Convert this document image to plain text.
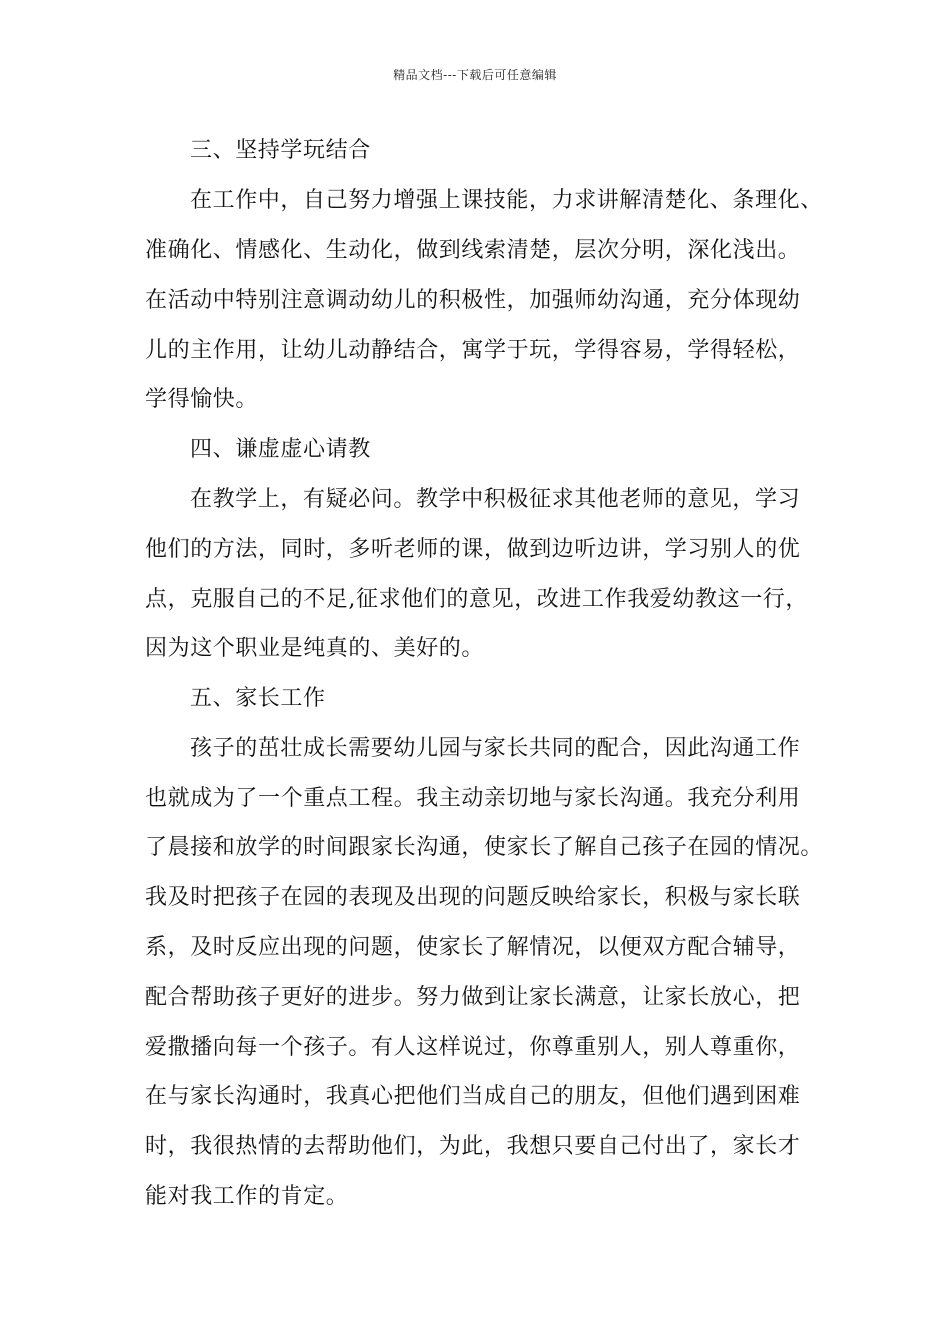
精品文档---下载后可任意编辑
三、坚持学玩结合
在工作中，自己努力增强上课技能，力求讲解清楚化、条理化、
准确化、情感化、生动化，做到线索清楚，层次分明，深化浅出。
在活动中特别注意调动幼儿的积极性，加强师幼沟通，充分体现幼
儿的主作用，让幼儿动静结合，寓学于玩，学得容易，学得轻松，
学得愉快。
四、谦虚虚心请教
在教学上，有疑必问。教学中积极征求其他老师的意见，学习
他们的方法，同时，多听老师的课，做到边听边讲，学习别人的优
点，克服自己的不足,征求他们的意见，改进工作我爱幼教这一行，
因为这个职业是纯真的、美好的。
五、家长工作
孩子的茁壮成长需要幼儿园与家长共同的配合，因此沟通工作
也就成为了一个重点工程。我主动亲切地与家长沟通。我充分利用
了晨接和放学的时间跟家长沟通，使家长了解自己孩子在园的情况。
我及时把孩子在园的表现及出现的问题反映给家长，积极与家长联
系，及时反应出现的问题，使家长了解情况，以便双方配合辅导，
配合帮助孩子更好的进步。努力做到让家长满意，让家长放心，把
爱撒播向每一个孩子。有人这样说过，你尊重别人，别人尊重你，
在与家长沟通时，我真心把他们当成自己的朋友，但他们遇到困难
时，我很热情的去帮助他们，为此，我想只要自己付出了，家长才
能对我工作的肯定。
